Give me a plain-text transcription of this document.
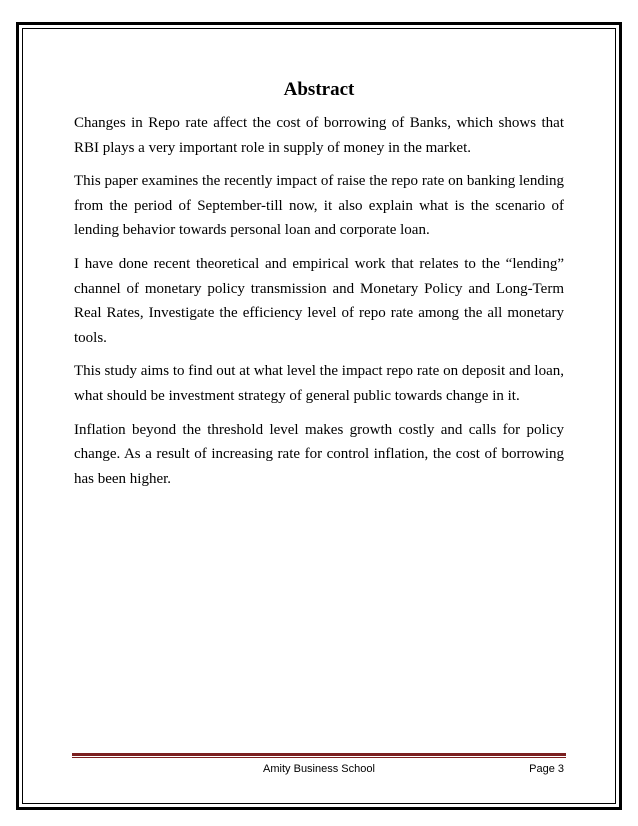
Abstract

Changes in Repo rate affect the cost of borrowing of Banks, which shows that RBI plays a very important role in supply of money in the market.

This paper examines the recently impact of raise the repo rate on banking lending from the period of September-till now, it also explain what is the scenario of lending behavior towards personal loan and corporate loan.

I have done recent theoretical and empirical work that relates to the “lending” channel of monetary policy transmission and Monetary Policy and Long-Term Real Rates, Investigate the efficiency level of repo rate among the all monetary tools.

This study aims to find out at what level the impact repo rate on deposit and loan, what should be investment strategy of general public towards change in it.

Inflation beyond the threshold level makes growth costly and calls for policy change. As a result of increasing rate for control inflation, the cost of borrowing has been higher.

Amity Business School	Page 3
